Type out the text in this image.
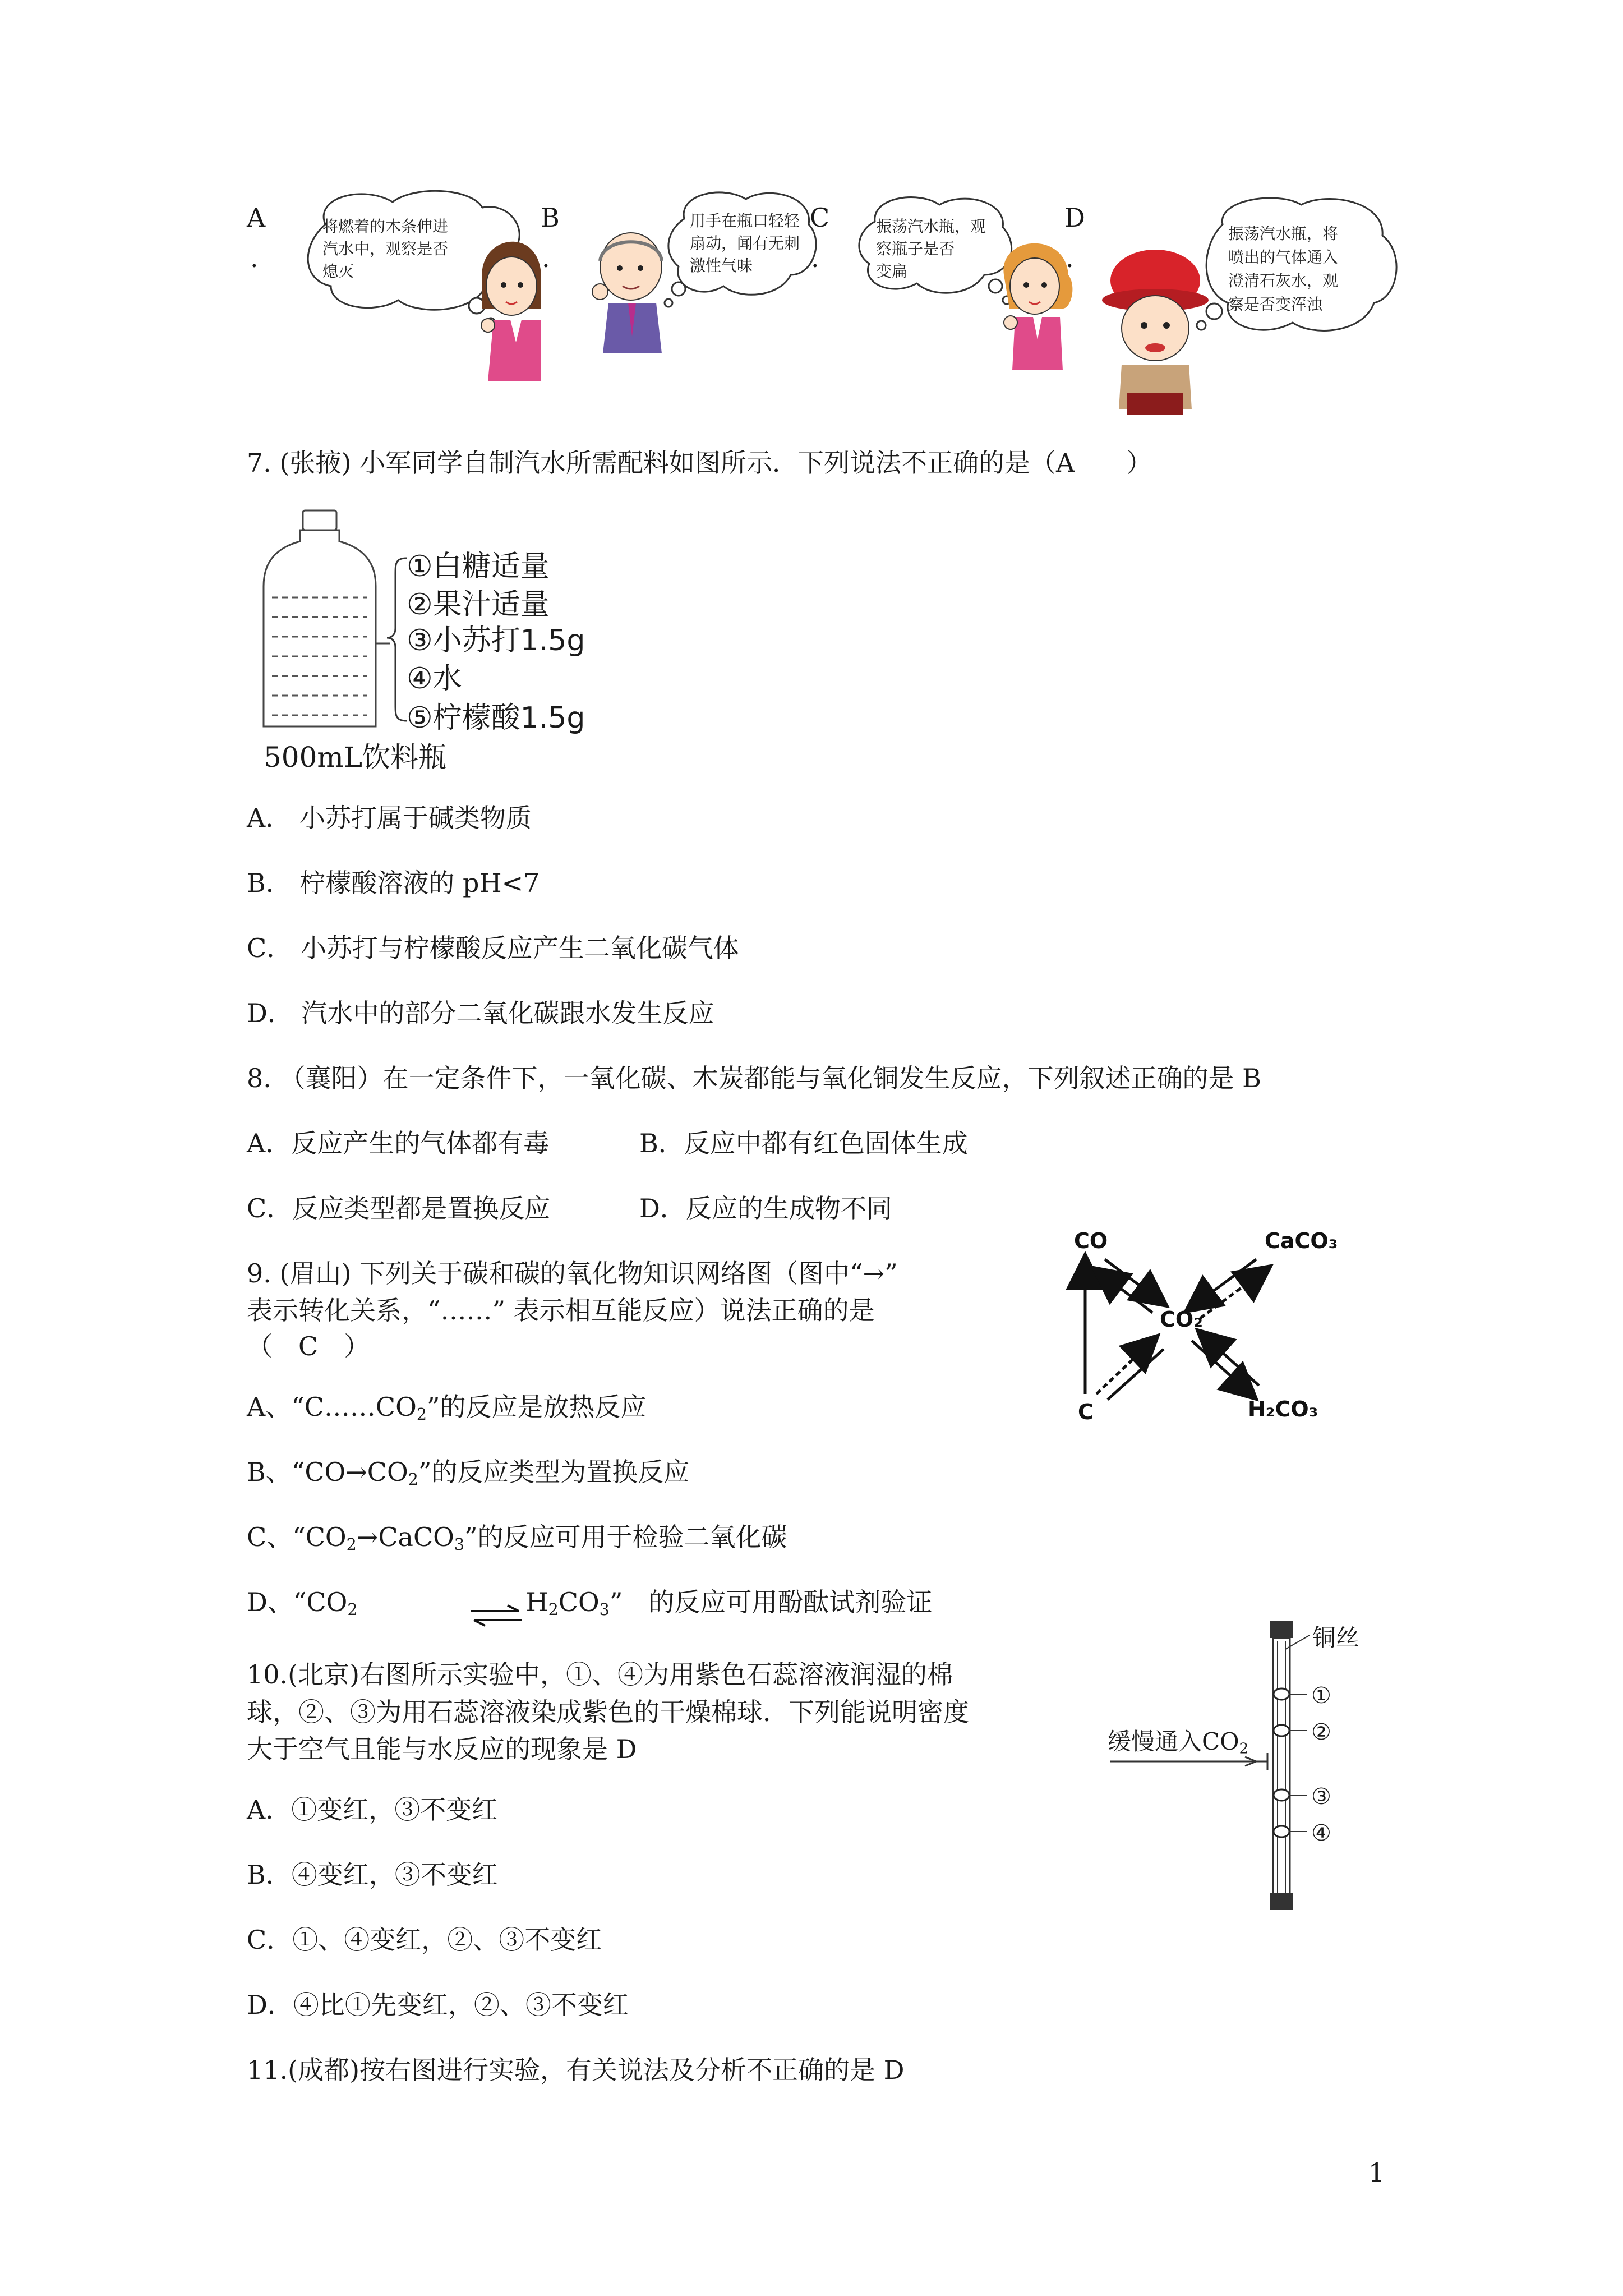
A
.
将燃着的木条伸进
汽水中，观察是否
熄灭
B
.
用手在瓶口轻轻
扇动，闻有无刺
激性气味
C
.
振荡汽水瓶，观
察瓶子是否
变扁
D
.
振荡汽水瓶，将
喷出的气体通入
澄清石灰水，观
察是否变浑浊
7. (张掖) 小军同学自制汽水所需配料如图所示．下列说法不正确的是（A　　）
①白糖适量
②果汁适量
③小苏打1.5g
④水
⑤柠檬酸1.5g
500mL饮料瓶
A． 小苏打属于碱类物质
B． 柠檬酸溶液的 pH<7
C． 小苏打与柠檬酸反应产生二氧化碳气体
D． 汽水中的部分二氧化碳跟水发生反应
8. （襄阳）在一定条件下，一氧化碳、木炭都能与氧化铜发生反应，下列叙述正确的是 B
A．反应产生的气体都有毒	B．反应中都有红色固体生成
C．反应类型都是置换反应	D．反应的生成物不同
9. (眉山) 下列关于碳和碳的氧化物知识网络图（图中“→”
表示转化关系，“……” 表示相互能反应）说法正确的是
（　C　）
A、“$C\dots\dots CO_2$”的反应是放热反应
B、“$CO\to CO_2$”的反应类型为置换反应
C、“$CO_2\to CaCO_3$”的反应可用于检验二氧化碳
D、“$CO_2$	$H_2CO_3$”　的反应可用酚酞试剂验证
CO	CaCO₃
CO₂
C	H₂CO₃
10.(北京)右图所示实验中，①、④为用紫色石蕊溶液润湿的棉
球，②、③为用石蕊溶液染成紫色的干燥棉球．下列能说明密度
大于空气且能与水反应的现象是 D
A．①变红，③不变红
B．④变红，③不变红
C．①、④变红，②、③不变红
D．④比①先变红，②、③不变红
铜丝
①
②
③
④
缓慢通入$CO_2$
11.(成都)按右图进行实验，有关说法及分析不正确的是 D
1
